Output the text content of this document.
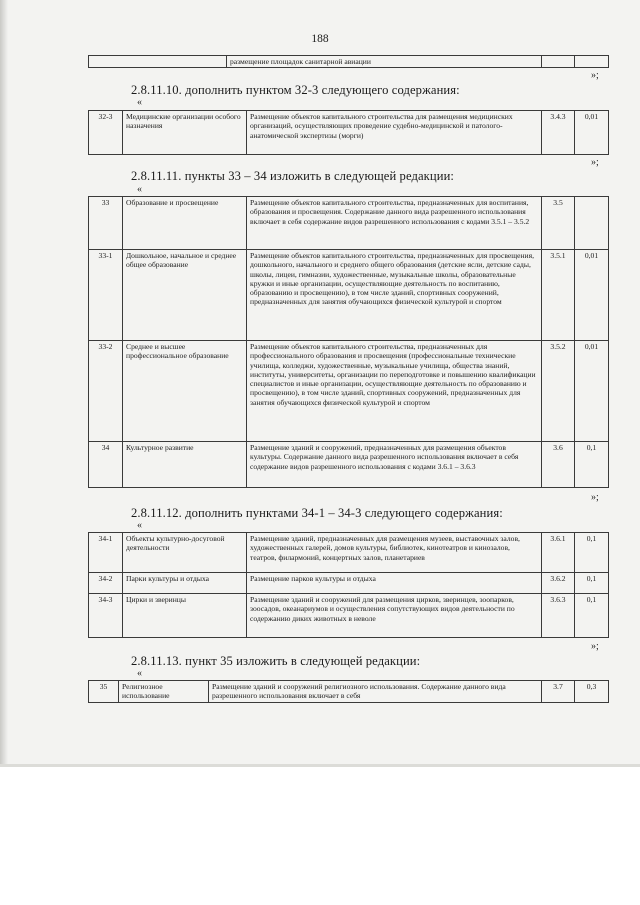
188
	размещение площадок санитарной авиации		
»;
2.8.11.10. дополнить пунктом 32-3 следующего содержания:
«
32-3	Медицинские организации особого назначения	Размещение объектов капитального строительства для размещения медицинских организаций, осуществляющих проведение судебно-медицинской и патолого-анатомической экспертизы (морги)	3.4.3	0,01
»;
2.8.11.11. пункты 33 – 34 изложить в следующей редакции:
«
33	Образование и просвещение	Размещение объектов капитального строительства, предназначенных для воспитания, образования и просвещения. Содержание данного вида разрешенного использования включает в себя содержание видов разрешенного использования с кодами 3.5.1 – 3.5.2	3.5	
33-1	Дошкольное, начальное и среднее общее образование	Размещение объектов капитального строительства, предназначенных для просвещения, дошкольного, начального и среднего общего образования (детские ясли, детские сады, школы, лицеи, гимназии, художественные, музыкальные школы, образовательные кружки и иные организации, осуществляющие деятельность по воспитанию, образованию и просвещению), в том числе зданий, спортивных сооружений, предназначенных для занятия обучающихся физической культурой и спортом	3.5.1	0,01
33-2	Среднее и высшее профессиональное образование	Размещение объектов капитального строительства, предназначенных для профессионального образования и просвещения (профессиональные технические училища, колледжи, художественные, музыкальные училища, общества знаний, институты, университеты, организации по переподготовке и повышению квалификации специалистов и иные организации, осуществляющие деятельность по образованию и просвещению), в том числе зданий, спортивных сооружений, предназначенных для занятия обучающихся физической культурой и спортом	3.5.2	0,01
34	Культурное развитие	Размещение зданий и сооружений, предназначенных для размещения объектов культуры. Содержание данного вида разрешенного использования включает в себя содержание видов разрешенного использования с кодами 3.6.1 – 3.6.3	3.6	0,1
»;
2.8.11.12. дополнить пунктами 34-1 – 34-3 следующего содержания:
«
34-1	Объекты культурно-досуговой деятельности	Размещение зданий, предназначенных для размещения музеев, выставочных залов, художественных галерей, домов культуры, библиотек, кинотеатров и кинозалов, театров, филармоний, концертных залов, планетариев	3.6.1	0,1
34-2	Парки культуры и отдыха	Размещение парков культуры и отдыха	3.6.2	0,1
34-3	Цирки и зверинцы	Размещение зданий и сооружений для размещения цирков, зверинцев, зоопарков, зоосадов, океанариумов и осуществления сопутствующих видов деятельности по содержанию диких животных в неволе	3.6.3	0,1
»;
2.8.11.13. пункт 35 изложить в следующей редакции:
«
35	Религиозное использование	Размещение зданий и сооружений религиозного использования. Содержание данного вида разрешенного использования включает в себя	3.7	0,3
